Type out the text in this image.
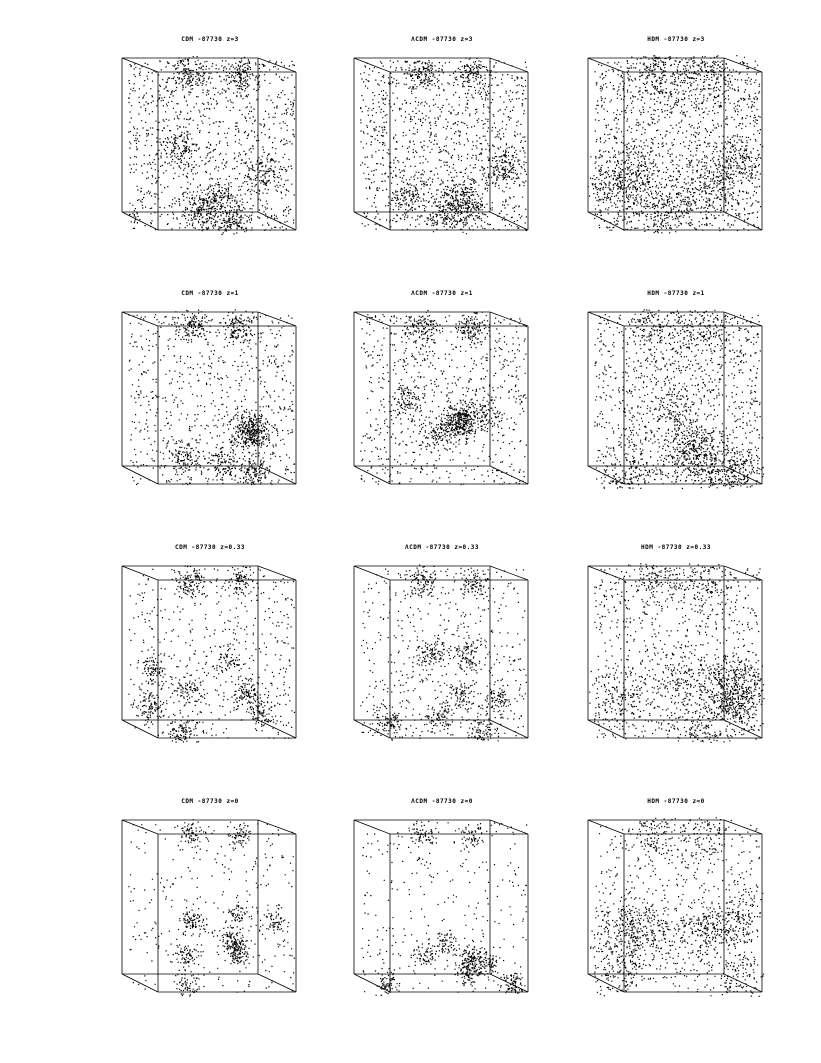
CDM -87730 z=3	ΛCDM -87730 z=3	HDM -87730 z=3
CDM -87730 z=1	ΛCDM -87730 z=1	HDM -87730 z=1
CDM -87730 z=0.33	ΛCDM -87730 z=0.33	HDM -87730 z=0.33
CDM -87730 z=0	ΛCDM -87730 z=0	HDM -87730 z=0
